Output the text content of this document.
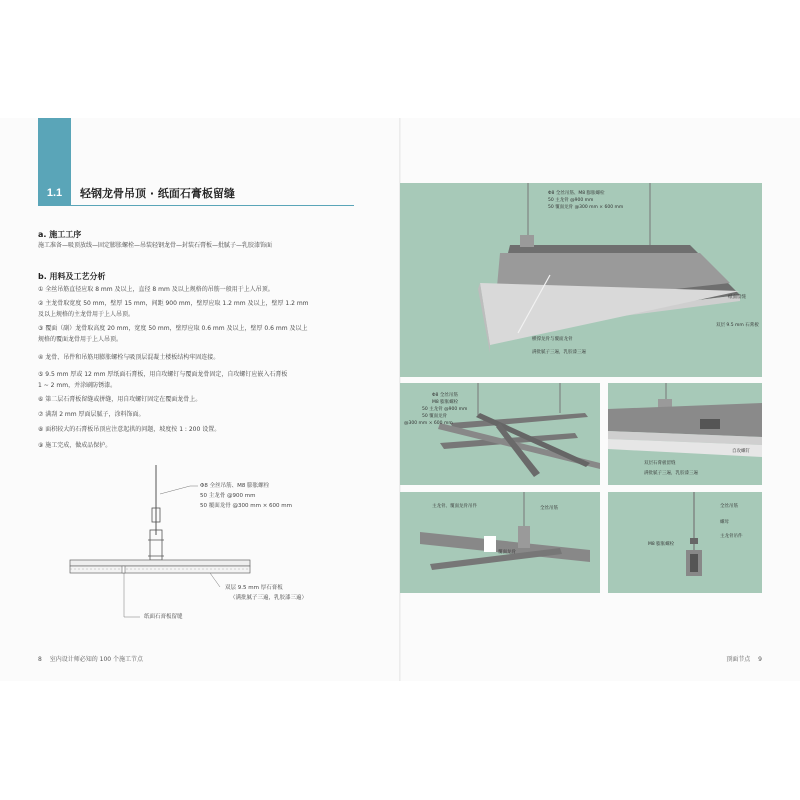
1.1	轻钢龙骨吊顶 · 纸面石膏板留缝
a. 施工工序
施工准备—吸顶放线—固定膨胀螺栓—吊装轻钢龙骨—封装石膏板—批腻子—乳胶漆饰面
b. 用料及工艺分析
① 全丝吊筋直径应取 8 mm 及以上，直径 8 mm 及以上规格的吊筋一般用于上人吊顶。
② 主龙骨取宽度 50 mm，壁厚 15 mm，间距 900 mm，壁厚应取 1.2 mm 及以上，壁厚 1.2 mm
及以上规格的主龙骨用于上人吊顶。
③ 覆面（副）龙骨取高度 20 mm，宽度 50 mm，壁厚应取 0.6 mm 及以上，壁厚 0.6 mm 及以上
规格的覆面龙骨用于上人吊顶。
④ 龙骨、吊件和吊筋用膨胀螺栓与吸顶层混凝土楼板结构牢固连接。
⑤ 9.5 mm 厚或 12 mm 厚纸面石膏板，用自攻螺钉与覆面龙骨固定，自攻螺钉应嵌入石膏板
1 ~ 2 mm，并涂刷防锈漆。
⑥ 第二层石膏板留缝或拼缝，用自攻螺钉固定在覆面龙骨上。
⑦ 满刮 2 mm 厚面层腻子，涂料饰面。
⑧ 面积较大的石膏板吊顶应注意起拱的问题，坡度按 1 : 200 设置。
⑨ 施工完成，做成品保护。
Φ8 全丝吊筋、M8 膨胀螺栓
50 主龙骨 @900 mm
50 覆面龙骨 @300 mm × 600 mm
双层 9.5 mm 厚石膏板
（满批腻子三遍，乳胶漆三遍）
纸面石膏板留缝
Φ8 全丝吊筋、M8 膨胀螺栓
50 主龙骨 @900 mm
50 覆面龙骨 @300 mm × 600 mm
纸面留缝
双层 9.5 mm 石膏板
横撑龙骨与覆面龙骨
满批腻子三遍，乳胶漆三遍
Φ8 全丝吊筋
M8 膨胀螺栓
50 主龙骨 @900 mm
50 覆面龙骨
@300 mm × 600 mm
双层石膏板留缝
满批腻子三遍，乳胶漆三遍
自攻螺钉
主龙骨、覆面龙骨吊件	全丝吊筋
覆面龙骨
全丝吊筋
螺母
主龙骨吊件
M8 膨胀螺栓
8 室内设计师必知的 100 个施工节点	顶面节点 9
